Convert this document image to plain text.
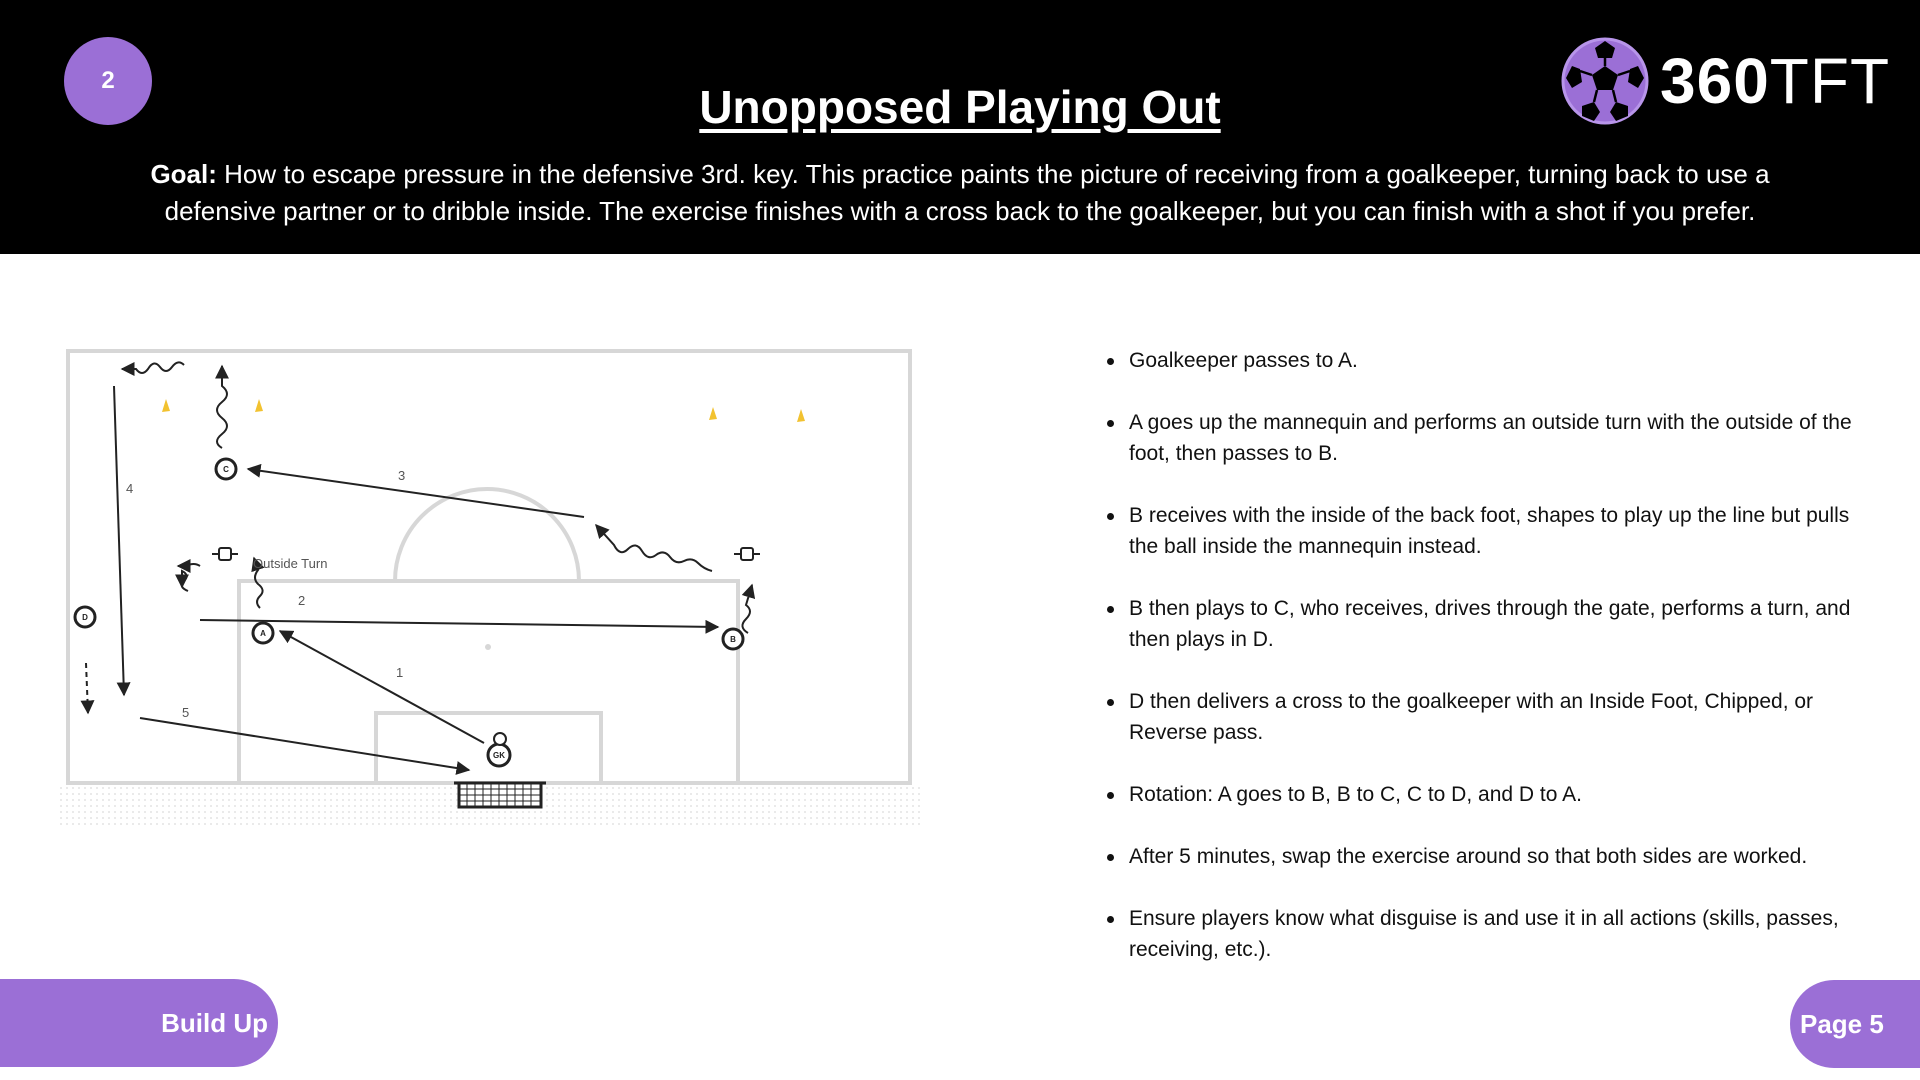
2
Unopposed Playing Out
Goal: How to escape pressure in the defensive 3rd. key. This practice paints the picture of receiving from a goalkeeper, turning back to use a defensive partner or to dribble inside. The exercise finishes with a cross back to the goalkeeper, but you can finish with a shot if you prefer.
360TFT
Outside Turn
3
4
2
1
5
A
B
C
D
GK
Goalkeeper passes to A.
A goes up the mannequin and performs an outside turn with the outside of the foot, then passes to B.
B receives with the inside of the back foot, shapes to play up the line but pulls the ball inside the mannequin instead.
B then plays to C, who receives, drives through the gate, performs a turn, and then plays in D.
D then delivers a cross to the goalkeeper with an Inside Foot, Chipped, or Reverse pass.
Rotation: A goes to B, B to C, C to D, and D to A.
After 5 minutes, swap the exercise around so that both sides are worked.
Ensure players know what disguise is and use it in all actions (skills, passes, receiving, etc.).
Build Up	Page 5
